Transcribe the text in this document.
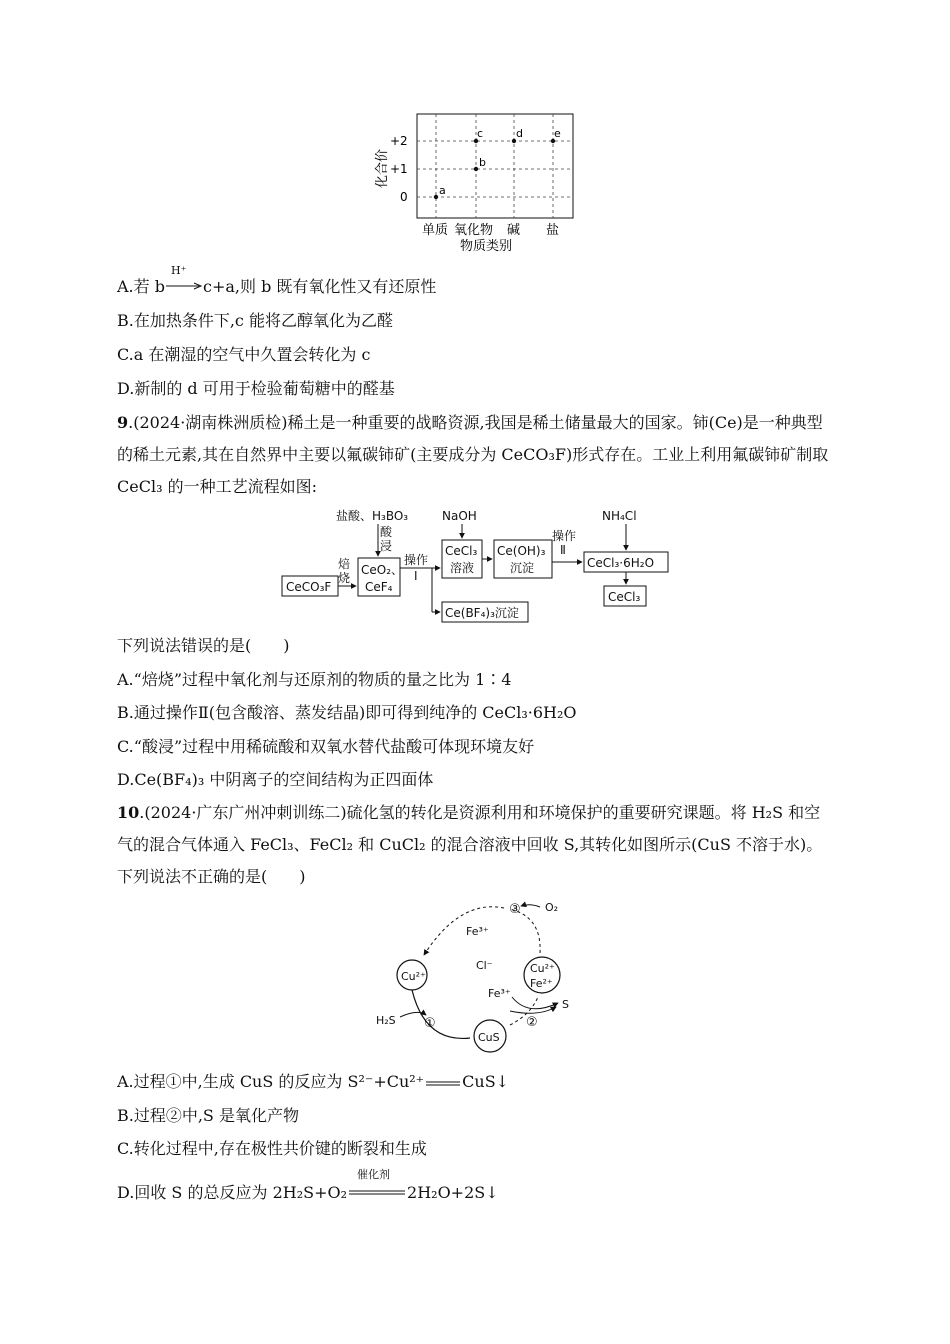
化合价
+2
+1
0
单质 氧化物 碱 盐
物质类别
a
b
c	d	e
A.若 b
H⁺
c+a,则 b 既有氧化性又有还原性
B.在加热条件下,c 能将乙醇氧化为乙醛
C.a 在潮湿的空气中久置会转化为 c
D.新制的 d 可用于检验葡萄糖中的醛基
9.(2024·湖南株洲质检)稀土是一种重要的战略资源,我国是稀土储量最大的国家。铈(Ce)是一种典型的稀土元素,其在自然界中主要以氟碳铈矿(主要成分为 CeCO₃F)形式存在。工业上利用氟碳铈矿制取 CeCl₃ 的一种工艺流程如图:
盐酸、H₃BO₃	NaOH	NH₄Cl
酸
浸
焙
烧
操作
Ⅰ
操作
Ⅱ
CeCO₃F
CeO₂、
CeF₄
CeCl₃
溶液
Ce(OH)₃
沉淀	CeCl₃·6H₂O
CeCl₃
Ce(BF₄)₃沉淀
下列说法错误的是(　　)
A.“焙烧”过程中氧化剂与还原剂的物质的量之比为 1∶4
B.通过操作Ⅱ(包含酸溶、蒸发结晶)即可得到纯净的 CeCl₃·6H₂O
C.“酸浸”过程中用稀硫酸和双氧水替代盐酸可体现环境友好
D.Ce(BF₄)₃ 中阴离子的空间结构为正四面体
10.(2024·广东广州冲刺训练二)硫化氢的转化是资源利用和环境保护的重要研究课题。将 H₂S 和空气的混合气体通入 FeCl₃、FeCl₂ 和 CuCl₂ 的混合溶液中回收 S,其转化如图所示(CuS 不溶于水)。下列说法不正确的是(　　)
Cu²⁺
CuS
Cu²⁺
Fe²⁺
Fe³⁺
Fe³⁺
Cl⁻
O₂
H₂S
S
①	②
③
A.过程①中,生成 CuS 的反应为 S²⁻+Cu²⁺ CuS↓
B.过程②中,S 是氧化产物
C.转化过程中,存在极性共价键的断裂和生成
D.回收 S 的总反应为 2H₂S+O₂
催化剂
2H₂O+2S↓
